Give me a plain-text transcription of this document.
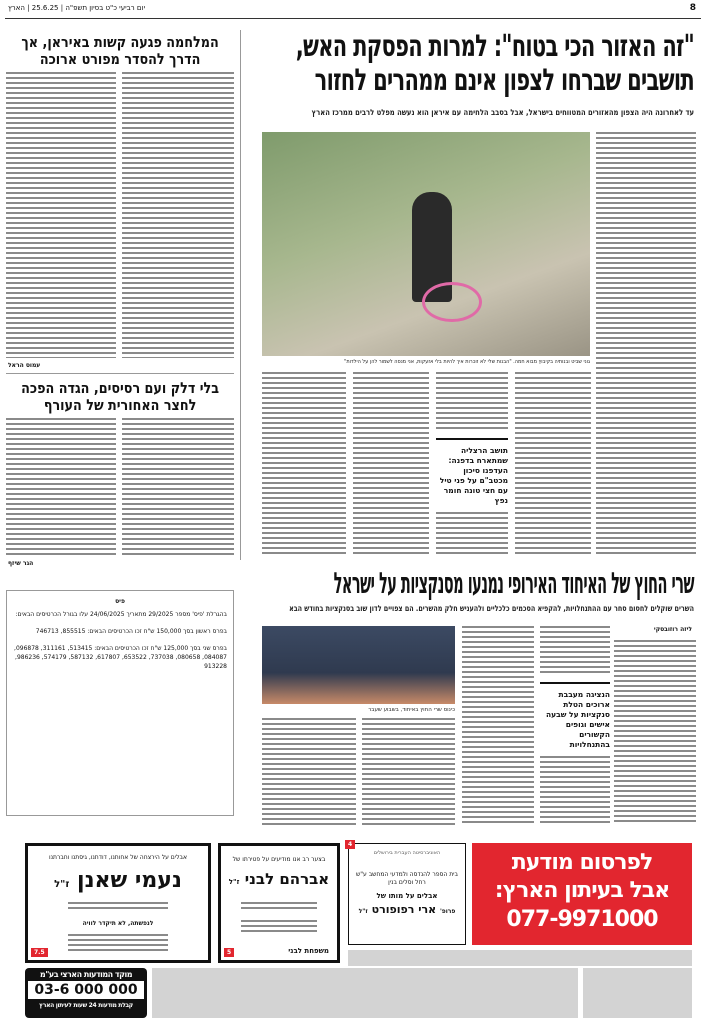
יום רביעי כ"ט בסיון תשפ"ה | 25.6.25 | הארץ	8
"זה האזור הכי בטוח": למרות הפסקת האש, תושבים שברחו לצפון אינם ממהרים לחזור
עד לאחרונה היה הצפון מהאזורים המטווחים בישראל, אבל בסבב הלחימה עם איראן הוא נעשה מפלט לרבים ממרכז הארץ
גוני שביט ובנותיה בקיבוץ מבוא חמה. "הבנות שלי לא זוכרות איך להיות בלי אזעקות, אני מנסה לשמור להן על הילדות"
תושב הרצליה שמתארח בדפנה: העדפנו סיכון מכטב"ם על פני טיל עם חצי טונה חומר נפץ
המלחמה פגעה קשות באיראן, אך הדרך להסדר מפורט ארוכה
עמוס הראל
בלי דלק ועם רסיסים, הגדה הפכה לחצר האחורית של העורף
הגר שיזף
שרי החוץ של האיחוד האירופי נמנעו מסנקציות על ישראל
השרים שוקלים לחסום סחר עם ההתנחלויות, להקפיא הסכמים כלכליים ולהעניש חלק מהשרים. הם צפויים לדון שוב בסנקציות בחודש הבא
ליזה רוזובסקי
הנציגה מעבבת ארוכים הטלת סנקציות על שבעה אישים וגופים הקשורים בהתנחלויות
כינוס שרי החוץ באיחוד, בשבוע שעבר
פיס
בהגרלת 'פיס' מספר 29/2025 מתאריך 24/06/2025 עלו בגורל הכרטיסים הבאים:
בפרס ראשון בסך 150,000 ש"ח זכו הכרטיסים הבאים: 855515, 746713
בפרס שני בסך 125,000 ש"ח זכו הכרטיסים הבאים: 513415, 311161, 096878, 084087, 080658, 737038, 653522, 617807, 587132, 574179, 986236, 913228
אבלים על הירצחה של אחותנו, דודתנו, גיסתנו וחברתנו
נעמי שאנן ז"ל
לנפשתה, לא תיקדר לוויה
7.5
בצער רב אנו מודיעים על פטירתו של
אברהם לבני ז"ל
משפחת לבני
5
האוניברסיטה העברית בירושלים
בית הספר להנדסה ולמדעי המחשב ע"ש רחל וסלים בנין
אבלים על מותו של
פרופ' ארי רפופורט ז"ל
4
לפרסום מודעת
אבל בעיתון הארץ:
077-9971000
מוקד המודעות הארצי בע"מ
03-6 000 000
קבלת מודעות 24 שעות לעיתון הארץ
